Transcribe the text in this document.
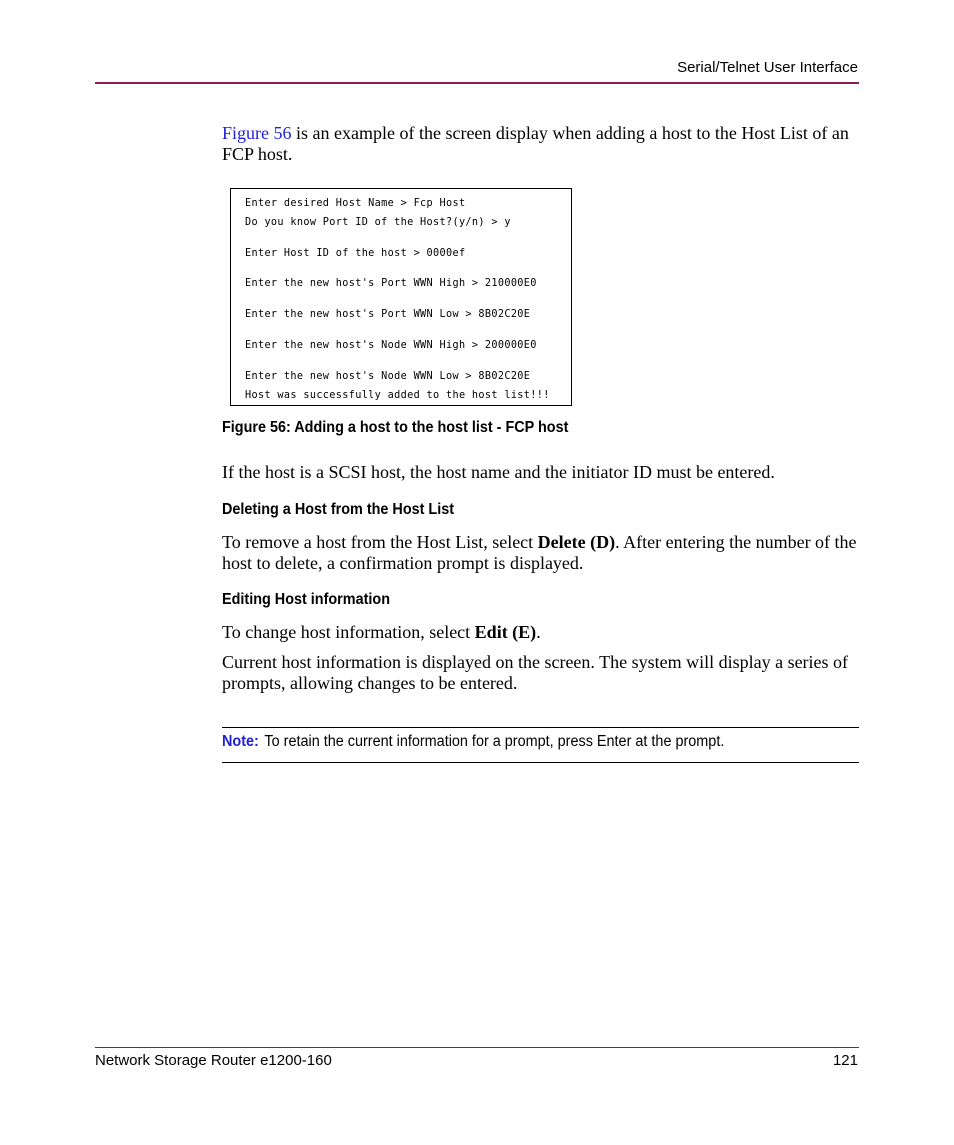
Serial/Telnet User Interface
Figure 56 is an example of the screen display when adding a host to the Host List of an FCP host.
Enter desired Host Name > Fcp Host
Do you know Port ID of the Host?(y/n) > y
Enter Host ID of the host > 0000ef
Enter the new host's Port WWN High > 210000E0
Enter the new host's Port WWN Low > 8B02C20E
Enter the new host's Node WWN High > 200000E0
Enter the new host's Node WWN Low > 8B02C20E
Host was successfully added to the host list!!!
Figure 56: Adding a host to the host list - FCP host
If the host is a SCSI host, the host name and the initiator ID must be entered.
Deleting a Host from the Host List
To remove a host from the Host List, select Delete (D). After entering the number of the host to delete, a confirmation prompt is displayed.
Editing Host information
To change host information, select Edit (E).
Current host information is displayed on the screen. The system will display a series of prompts, allowing changes to be entered.
Note: To retain the current information for a prompt, press Enter at the prompt.
Network Storage Router e1200-160	121
